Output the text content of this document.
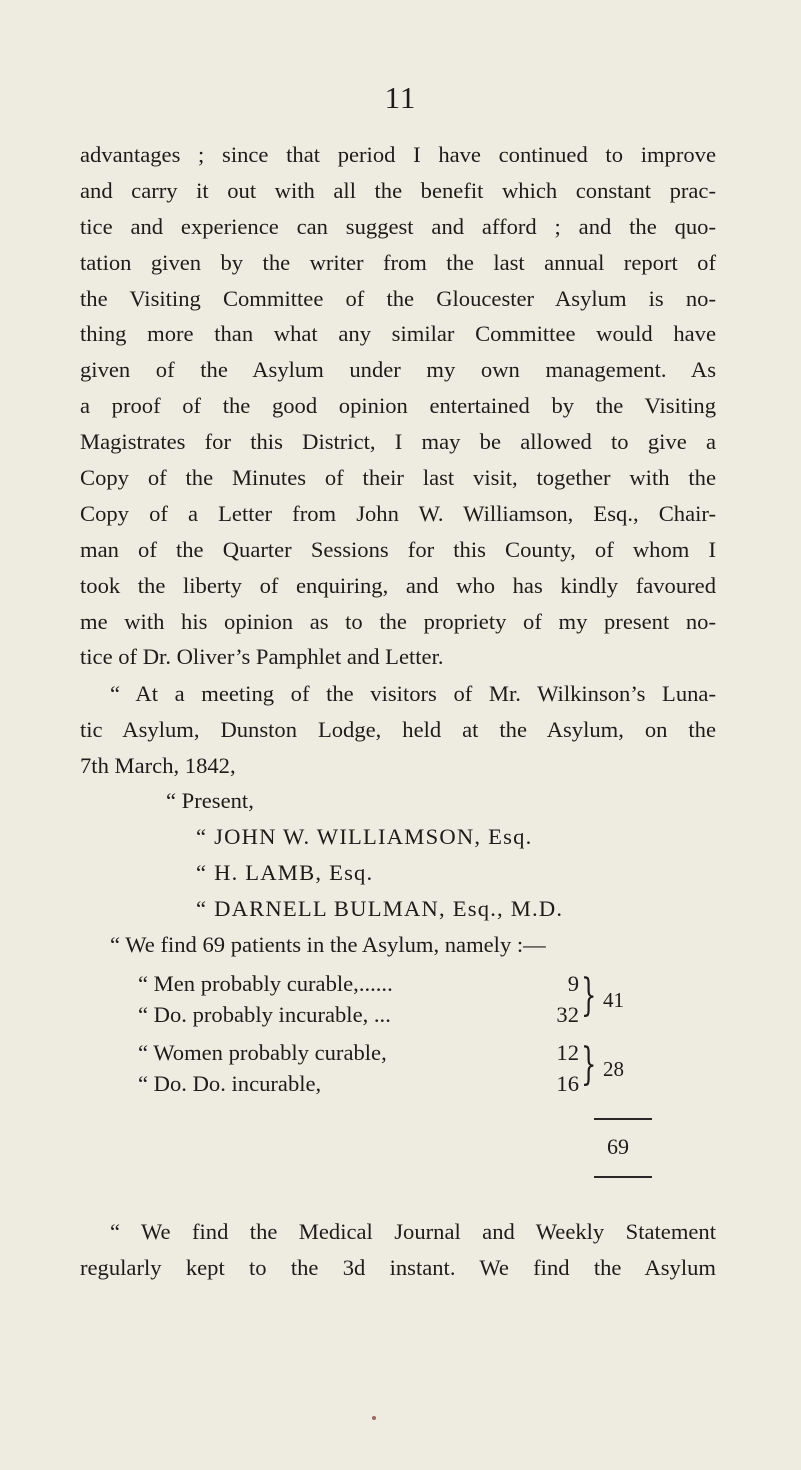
11
advantages ; since that period I have continued to improve
and carry it out with all the benefit which constant prac-
tice and experience can suggest and afford ; and the quo-
tation given by the writer from the last annual report of
the Visiting Committee of the Gloucester Asylum is no-
thing more than what any similar Committee would have
given of the Asylum under my own management. As
a proof of the good opinion entertained by the Visiting
Magistrates for this District, I may be allowed to give a
Copy of the Minutes of their last visit, together with the
Copy of a Letter from John W. Williamson, Esq., Chair-
man of the Quarter Sessions for this County, of whom I
took the liberty of enquiring, and who has kindly favoured
me with his opinion as to the propriety of my present no-
tice of Dr. Oliver’s Pamphlet and Letter.
“ At a meeting of the visitors of Mr. Wilkinson’s Luna-
tic Asylum, Dunston Lodge, held at the Asylum, on the
7th March, 1842,
“ Present,
“ JOHN W. WILLIAMSON, Esq.
“ H. LAMB, Esq.
“ DARNELL BULMAN, Esq., M.D.
“ We find 69 patients in the Asylum, namely :—
“ Men probably curable,......	9
“ Do. probably incurable, ...	32 } 41
“ Women probably curable,	12
“ Do. Do. incurable,	16 } 28
69
“ We find the Medical Journal and Weekly Statement
regularly kept to the 3d instant. We find the Asylum
